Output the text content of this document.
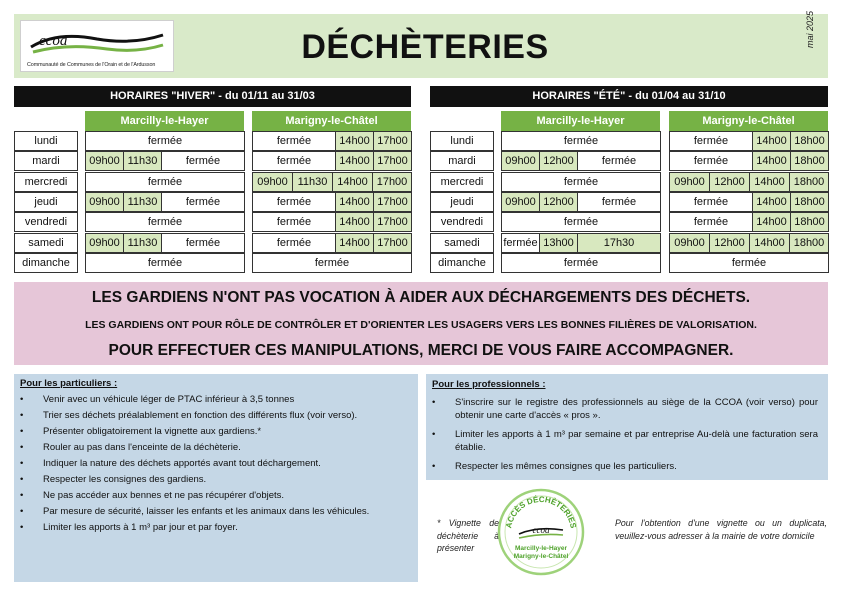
ccoa
Communauté de Communes de l'Orain et de l'Ardusson	DÉCHÈTERIES	mai 2025
HORAIRES "HIVER" - du 01/11 au 31/03
Marcilly-le-Hayer	Marigny-le-Châtel
lundi	fermée	fermée	14h00 17h00
mardi	09h00 11h30	fermée	fermée	14h00 17h00
mercredi	fermée	09h00 11h30 14h00 17h00
jeudi	09h00 11h30	fermée	fermée	14h00 17h00
vendredi	fermée	fermée	14h00 17h00
samedi	09h00 11h30	fermée	fermée	14h00 17h00
dimanche	fermée	fermée
HORAIRES "ÉTÉ" - du 01/04 au 31/10
Marcilly-le-Hayer	Marigny-le-Châtel
lundi	fermée	fermée	14h00 18h00
mardi	09h00 12h00	fermée	fermée	14h00 18h00
mercredi	fermée	09h00 12h00 14h00 18h00
jeudi	09h00 12h00	fermée	fermée	14h00 18h00
vendredi	fermée	fermée	14h00 18h00
samedi	fermée 13h00	17h30	09h00 12h00 14h00 18h00
dimanche	fermée	fermée
LES GARDIENS N'ONT PAS VOCATION À AIDER AUX DÉCHARGEMENTS DES DÉCHETS.
LES GARDIENS ONT POUR RÔLE DE CONTRÔLER ET D'ORIENTER LES USAGERS VERS LES BONNES FILIÈRES DE VALORISATION.
POUR EFFECTUER CES MANIPULATIONS, MERCI DE VOUS FAIRE ACCOMPAGNER.
Pour les particuliers :
• Venir avec un véhicule léger de PTAC inférieur à 3,5 tonnes
• Trier ses déchets préalablement en fonction des différents flux (voir verso).
• Présenter obligatoirement la vignette aux gardiens.*
• Rouler au pas dans l'enceinte de la déchèterie.
• Indiquer la nature des déchets apportés avant tout déchargement.
• Respecter les consignes des gardiens.
• Ne pas accéder aux bennes et ne pas récupérer d'objets.
• Par mesure de sécurité, laisser les enfants et les animaux dans les véhicules.
• Limiter les apports à 1 m³ par jour et par foyer.
Pour les professionnels :
• S'inscrire sur le registre des professionnels au siège de la CCOA (voir verso) pour obtenir une carte d'accès « pros ».
• Limiter les apports à 1 m³ par semaine et par entreprise Au-delà une facturation sera établie.
• Respecter les mêmes consignes que les particuliers.
* Vignette de déchèterie à présenter
Pour l'obtention d'une vignette ou un duplicata, veuillez-vous adresser à la mairie de votre domicile
ACCÈS DÉCHÈTERIES
ccoa
Marcilly-le-Hayer
Marigny-le-Châtel
